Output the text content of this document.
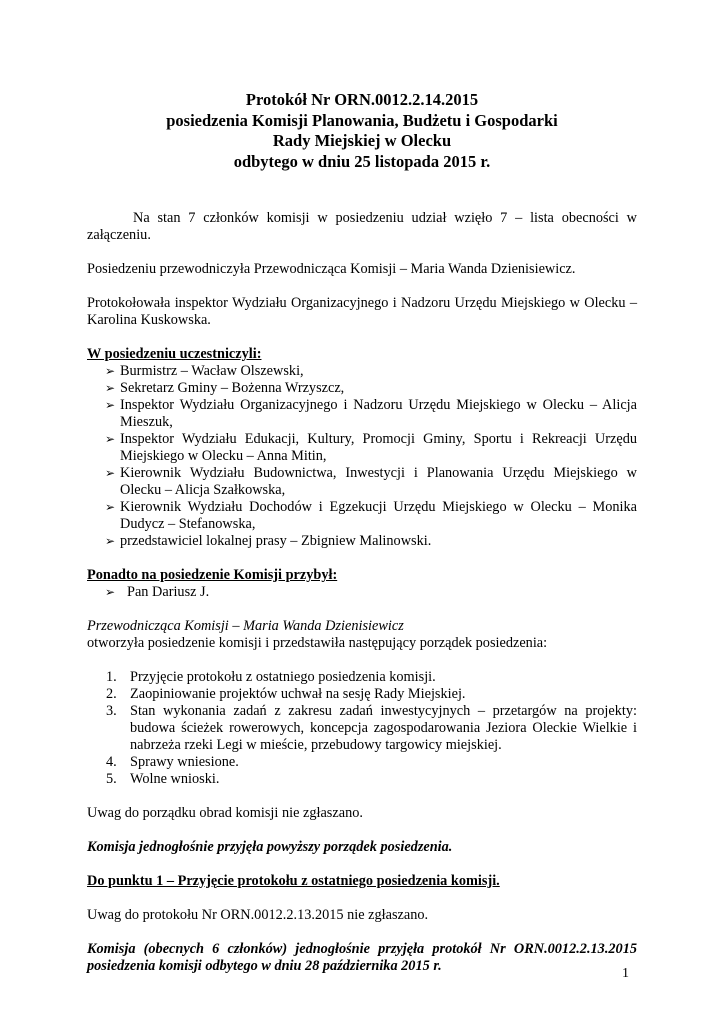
Protokół Nr ORN.0012.2.14.2015

posiedzenia Komisji Planowania, Budżetu i Gospodarki

Rady Miejskiej w Olecku

odbytego w dniu 25 listopada 2015 r.

Na stan 7 członków komisji w posiedzeniu udział wzięło 7 – lista obecności w załączeniu.

Posiedzeniu przewodniczyła Przewodnicząca Komisji – Maria Wanda Dzienisiewicz.

Protokołowała inspektor Wydziału Organizacyjnego i Nadzoru Urzędu Miejskiego w Olecku – Karolina Kuskowska.

W posiedzeniu uczestniczyli:

➢ Burmistrz – Wacław Olszewski,
➢ Sekretarz Gminy – Bożenna Wrzyszcz,
➢ Inspektor Wydziału Organizacyjnego i Nadzoru Urzędu Miejskiego w Olecku – Alicja Mieszuk,
➢ Inspektor Wydziału Edukacji, Kultury, Promocji Gminy, Sportu i Rekreacji Urzędu Miejskiego w Olecku – Anna Mitin,
➢ Kierownik Wydziału Budownictwa, Inwestycji i Planowania Urzędu Miejskiego w Olecku – Alicja Szałkowska,
➢ Kierownik Wydziału Dochodów i Egzekucji Urzędu Miejskiego w Olecku – Monika Dudycz – Stefanowska,
➢ przedstawiciel lokalnej prasy – Zbigniew Malinowski.

Ponadto na posiedzenie Komisji przybył:

➢ Pan Dariusz J.

Przewodnicząca Komisji – Maria Wanda Dzienisiewicz

otworzyła posiedzenie komisji i przedstawiła następujący porządek posiedzenia:

1. Przyjęcie protokołu z ostatniego posiedzenia komisji.
2. Zaopiniowanie projektów uchwał na sesję Rady Miejskiej.
3. Stan wykonania zadań z zakresu zadań inwestycyjnych – przetargów na projekty: budowa ścieżek rowerowych, koncepcja zagospodarowania Jeziora Oleckie Wielkie i nabrzeża rzeki Legi w mieście, przebudowy targowicy miejskiej.
4. Sprawy wniesione.
5. Wolne wnioski.

Uwag do porządku obrad komisji nie zgłaszano.

Komisja jednogłośnie przyjęła powyższy porządek posiedzenia.

Do punktu 1 – Przyjęcie protokołu z ostatniego posiedzenia komisji.

Uwag do protokołu Nr ORN.0012.2.13.2015 nie zgłaszano.

Komisja (obecnych 6 członków) jednogłośnie przyjęła protokół Nr ORN.0012.2.13.2015 posiedzenia komisji odbytego w dniu 28 października 2015 r.	1
